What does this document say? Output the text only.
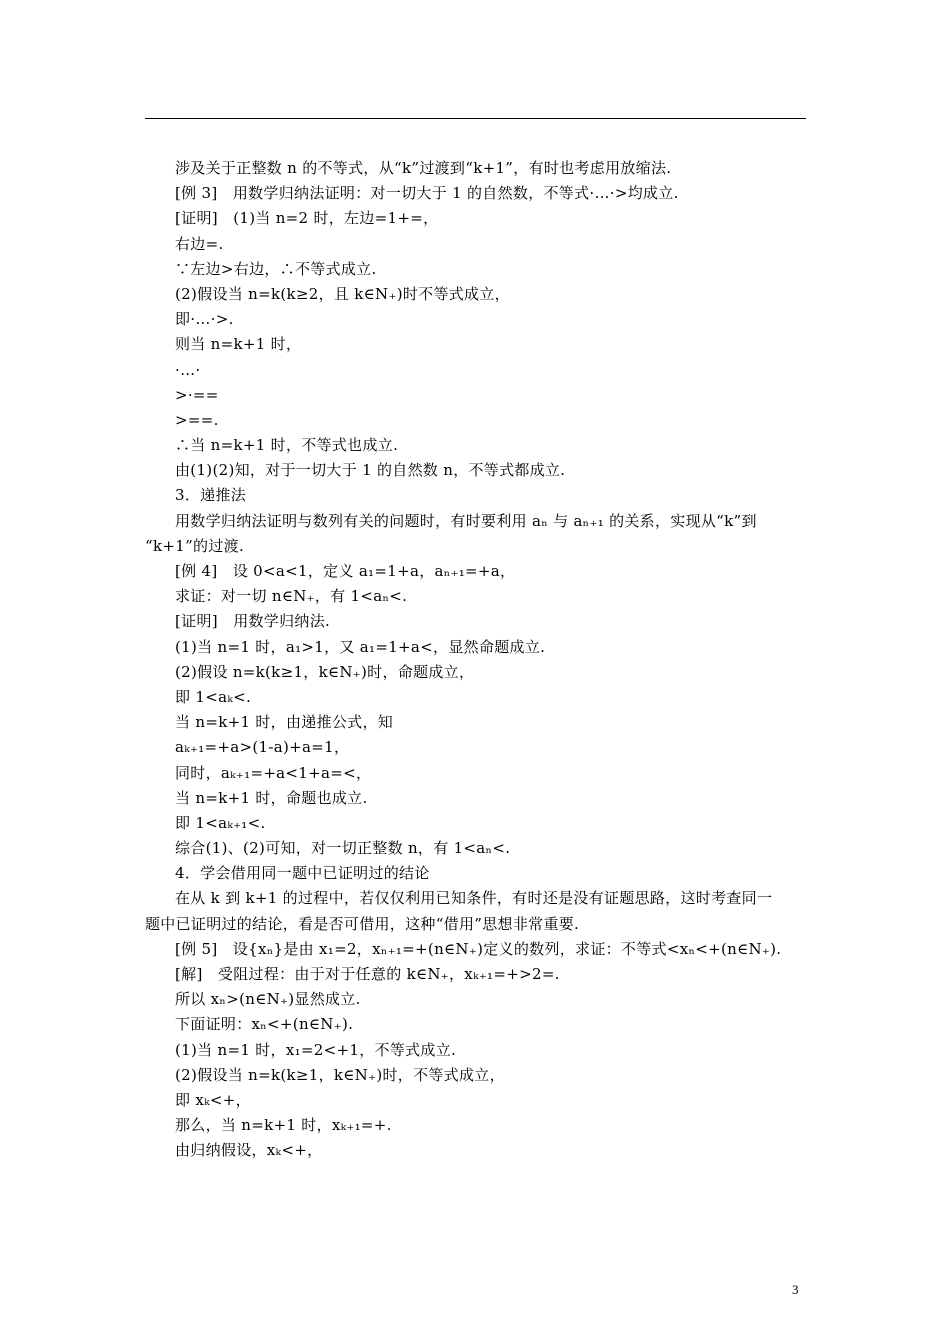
涉及关于正整数 n 的不等式，从“k”过渡到“k+1”，有时也考虑用放缩法.
[例 3]　用数学归纳法证明：对一切大于 1 的自然数，不等式·…·>均成立.
[证明]　(1)当 n=2 时，左边=1+=，
右边=.
∵左边>右边，∴不等式成立.
(2)假设当 n=k(k≥2，且 k∈N₊)时不等式成立，
即·…·>.
则当 n=k+1 时，
·…·
>·==
>==.
∴当 n=k+1 时，不等式也成立.
由(1)(2)知，对于一切大于 1 的自然数 n，不等式都成立.
3．递推法
用数学归纳法证明与数列有关的问题时，有时要利用 aₙ 与 aₙ₊₁ 的关系，实现从“k”到
“k+1”的过渡.
[例 4]　设 0<a<1，定义 a₁=1+a，aₙ₊₁=+a，
求证：对一切 n∈N₊，有 1<aₙ<.
[证明]　用数学归纳法.
(1)当 n=1 时，a₁>1，又 a₁=1+a<，显然命题成立.
(2)假设 n=k(k≥1，k∈N₊)时，命题成立，
即 1<aₖ<.
当 n=k+1 时，由递推公式，知
aₖ₊₁=+a>(1-a)+a=1，
同时，aₖ₊₁=+a<1+a=<，
当 n=k+1 时，命题也成立.
即 1<aₖ₊₁<.
综合(1)、(2)可知，对一切正整数 n，有 1<aₙ<.
4．学会借用同一题中已证明过的结论
在从 k 到 k+1 的过程中，若仅仅利用已知条件，有时还是没有证题思路，这时考查同一
题中已证明过的结论，看是否可借用，这种“借用”思想非常重要.
[例 5]　设{xₙ}是由 x₁=2，xₙ₊₁=+(n∈N₊)定义的数列，求证：不等式<xₙ<+(n∈N₊).
[解]　受阻过程：由于对于任意的 k∈N₊，xₖ₊₁=+>2=.
所以 xₙ>(n∈N₊)显然成立.
下面证明：xₙ<+(n∈N₊).
(1)当 n=1 时，x₁=2<+1，不等式成立.
(2)假设当 n=k(k≥1，k∈N₊)时，不等式成立，
即 xₖ<+，
那么，当 n=k+1 时，xₖ₊₁=+.
由归纳假设，xₖ<+，
3
